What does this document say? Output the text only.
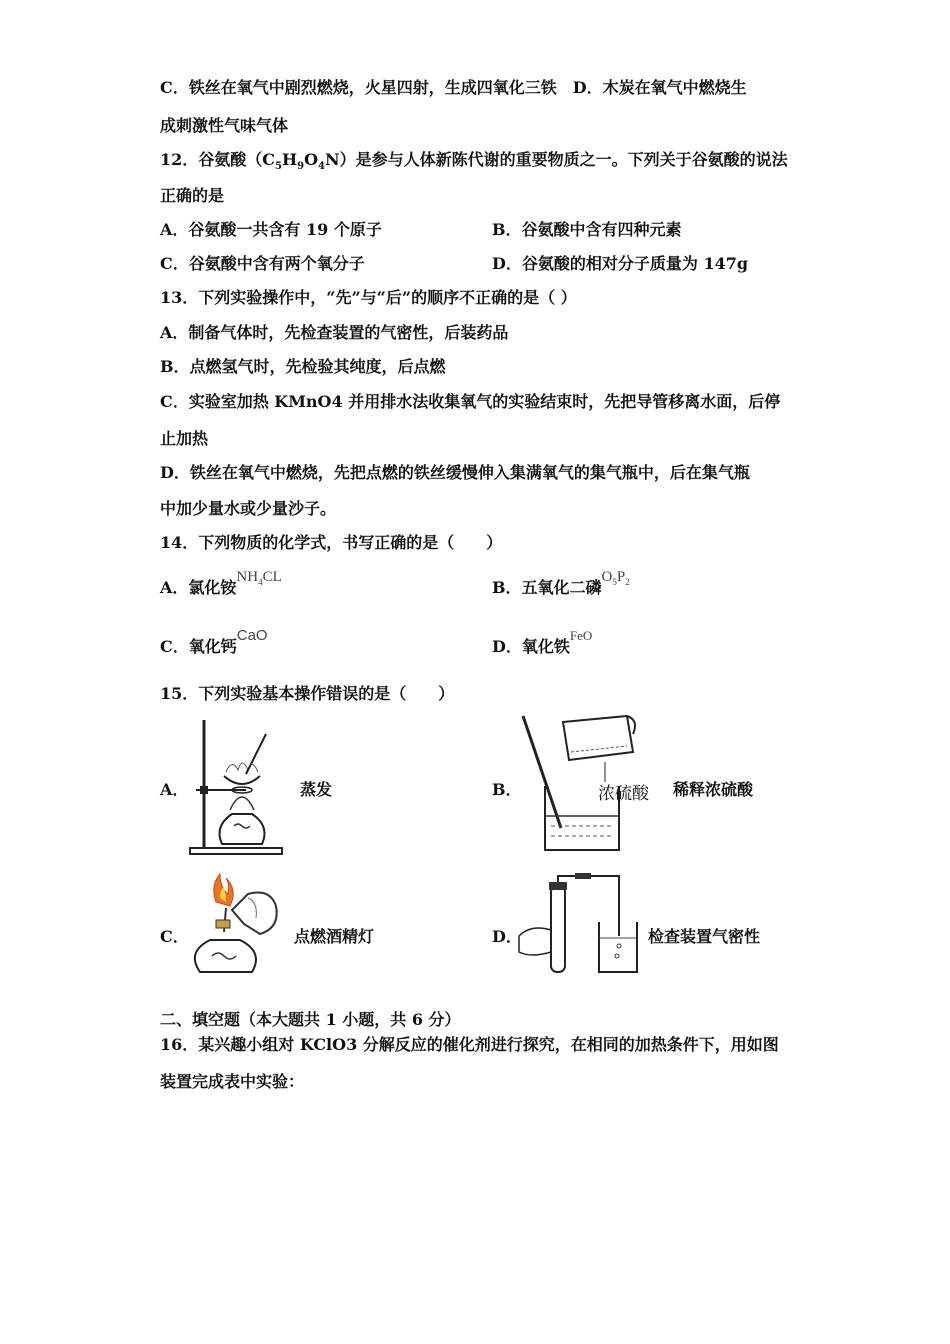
C．铁丝在氧气中剧烈燃烧，火星四射，生成四氧化三铁　D．木炭在氧气中燃烧生
成刺激性气味气体
12．谷氨酸$(C_5H_9O_4N)$是参与人体新陈代谢的重要物质之一。下列关于谷氨酸的说法
正确的是
A．谷氨酸一共含有 19 个原子	B．谷氨酸中含有四种元素
C．谷氨酸中含有两个氧分子	D．谷氨酸的相对分子质量为 147g
13．下列实验操作中，“先”与“后”的顺序不正确的是（ ）
A．制备气体时，先检查装置的气密性，后装药品
B．点燃氢气时，先检验其纯度，后点燃
C．实验室加热 KMnO4 并用排水法收集氧气的实验结束时，先把导管移离水面，后停
止加热
D．铁丝在氧气中燃烧，先把点燃的铁丝缓慢伸入集满氧气的集气瓶中，后在集气瓶
中加少量水或少量沙子。
14．下列物质的化学式，书写正确的是（　　）
A．氯化铵$NH_4CL$
B．五氧化二磷$O_5P_2$
C．氧化钙CaO
D．氧化铁$^{FeO}$
15．下列实验基本操作错误的是（　　）
A．	蒸发	B．	浓硫酸 稀释浓硫酸
C．	点燃酒精灯	D．	检查装置气密性
二、填空题（本大题共 1 小题，共 6 分）
16．某兴趣小组对 KClO3 分解反应的催化剂进行探究，在相同的加热条件下，用如图
装置完成表中实验：
